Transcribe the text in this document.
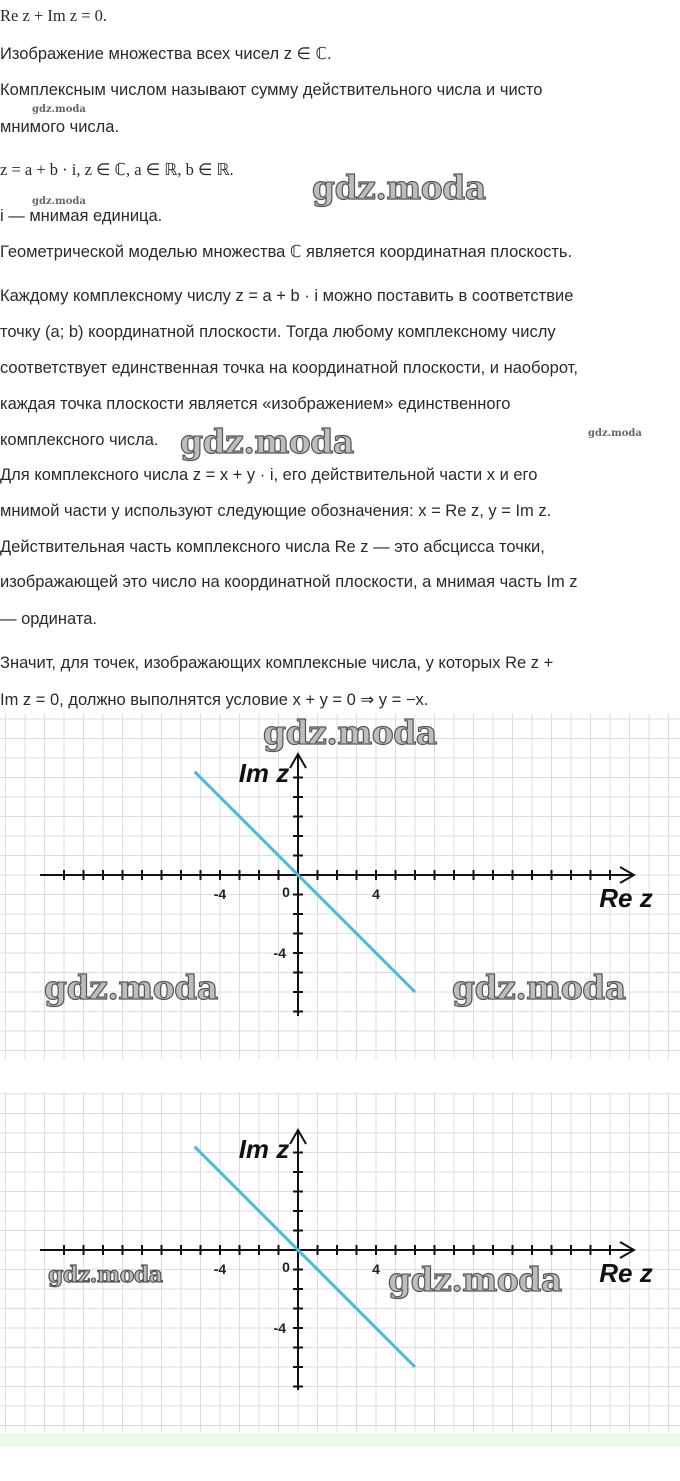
Re z + Im z = 0.
Изображение множества всех чисел z ∈ ℂ.
Комплексным числом называют сумму действительного числа и чисто
мнимого числа.
z = a + b · i, z ∈ ℂ, a ∈ ℝ, b ∈ ℝ.
i — мнимая единица.
Геометрической моделью множества ℂ является координатная плоскость.
Каждому комплексному числу z = a + b · i можно поставить в соответствие
точку (a; b) координатной плоскости. Тогда любому комплексному числу
соответствует единственная точка на координатной плоскости, и наоборот,
каждая точка плоскости является «изображением» единственного
комплексного числа.
Для комплексного числа z = x + y · i, его действительной части x и его
мнимой части y используют следующие обозначения: x = Re z, y = Im z.
Действительная часть комплексного числа Re z — это абсцисса точки,
изображающей это число на координатной плоскости, а мнимая часть Im z
— ордината.
Значит, для точек, изображающих комплексные числа, у которых Re z +
Im z = 0, должно выполнятся условие x + y = 0 ⇒ y = −x.
gdz.moda
gdz.moda	gdz.moda
gdz.moda	gdz.moda
-4	4
0
-4
Re z
Im z
gdz.moda
gdz.moda	gdz.moda
-4	4
0
-4
Re z
Im z
gdz.moda	gdz.moda
